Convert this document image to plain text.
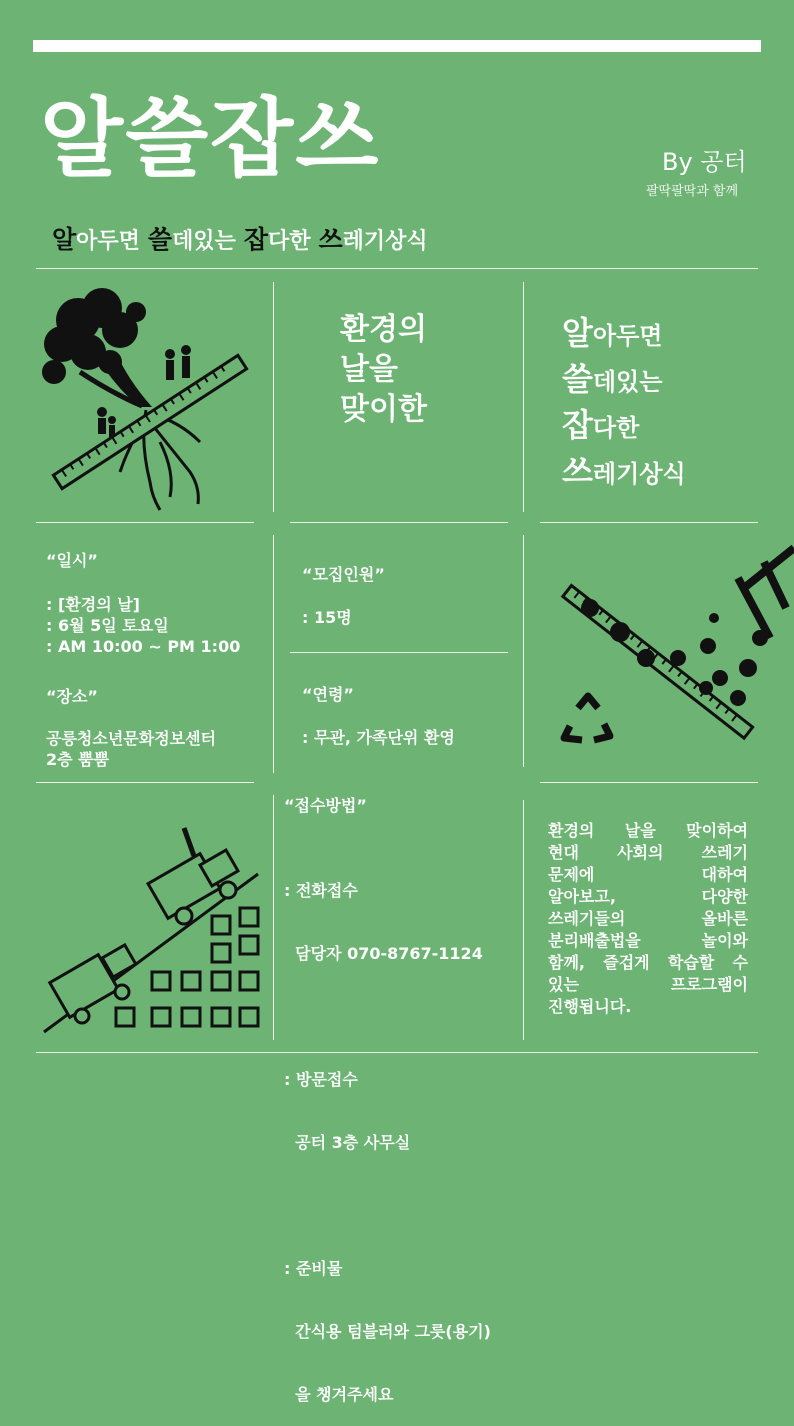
알쓸잡쓰
알아두면 쓸데있는 잡다한 쓰레기상식
By 공터
팔딱팔딱과 함께
환경의
날을
맞이한
알 아두면
쓸 데있는
잡 다한
쓰 레기상식
“일시”
: [환경의 날]
: 6월 5일 토요일
: AM 10:00 ~ PM 1:00
“모집인원”
: 15명
“장소”
공릉청소년문화정보센터
2층 뿜뿜
“연령”
: 무관, 가족단위 환영
“접수방법”

: 전화접수

담당자 070-8767-1124

: 방문접수

공터 3층 사무실

: 준비물

간식용 텀블러와 그릇(용기)

을 챙겨주세요

환경의 날을 맞이하여
현대 사회의 쓰레기
문제에 대하여
알아보고, 다양한
쓰레기들의 올바른
분리배출법을 놀이와
함께, 즐겁게 학습할 수
있는 프로그램이
진행됩니다.
